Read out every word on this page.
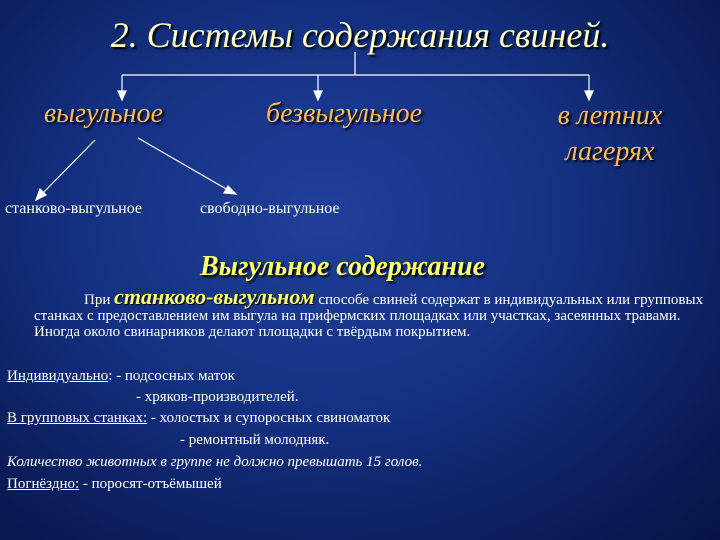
2. Системы содержания свиней.
выгульное	безвыгульное	в летних лагерях
станково-выгульное	свободно-выгульное
Выгульное содержание
При станково-выгульном способе свиней содержат в индивидуальных или групповых станках с предоставлением им выгула на прифермских площадках или участках, засеянных травами. Иногда около свинарников делают площадки с твёрдым покрытием.
Индивидуально: - подсосных маток
- хряков-производителей.
В групповых станках: - холостых и супоросных свиноматок
- ремонтный молодняк.
Количество животных в группе не должно превышать 15 голов.
Погнёздно: - поросят-отъёмышей
